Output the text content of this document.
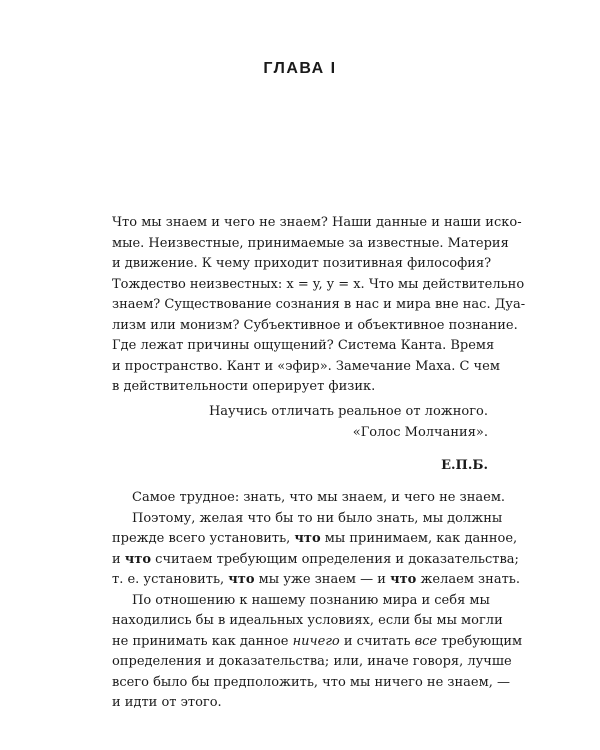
ГЛАВА I
Что мы знаем и чего не знаем? Наши данные и наши иско-
мые. Неизвестные, принимаемые за известные. Материя
и движение. К чему приходит позитивная философия?
Тождество неизвестных: x = y, y = x. Что мы действительно
знаем? Существование сознания в нас и мира вне нас. Дуа-
лизм или монизм? Субъективное и объективное познание.
Где лежат причины ощущений? Система Канта. Время
и пространство. Кант и «эфир». Замечание Маха. С чем
в действительности оперирует физик.
Научись отличать реальное от ложного.
«Голос Молчания».
Е.П.Б.
Самое трудное: знать, что мы знаем, и чего не знаем.
Поэтому, желая что бы то ни было знать, мы должны
прежде всего установить, что мы принимаем, как данное,
и что считаем требующим определения и доказательства;
т. е. установить, что мы уже знаем — и что желаем знать.
По отношению к нашему познанию мира и себя мы
находились бы в идеальных условиях, если бы мы могли
не принимать как данное ничего и считать все требующим
определения и доказательства; или, иначе говоря, лучше
всего было бы предположить, что мы ничего не знаем, —
и идти от этого.
